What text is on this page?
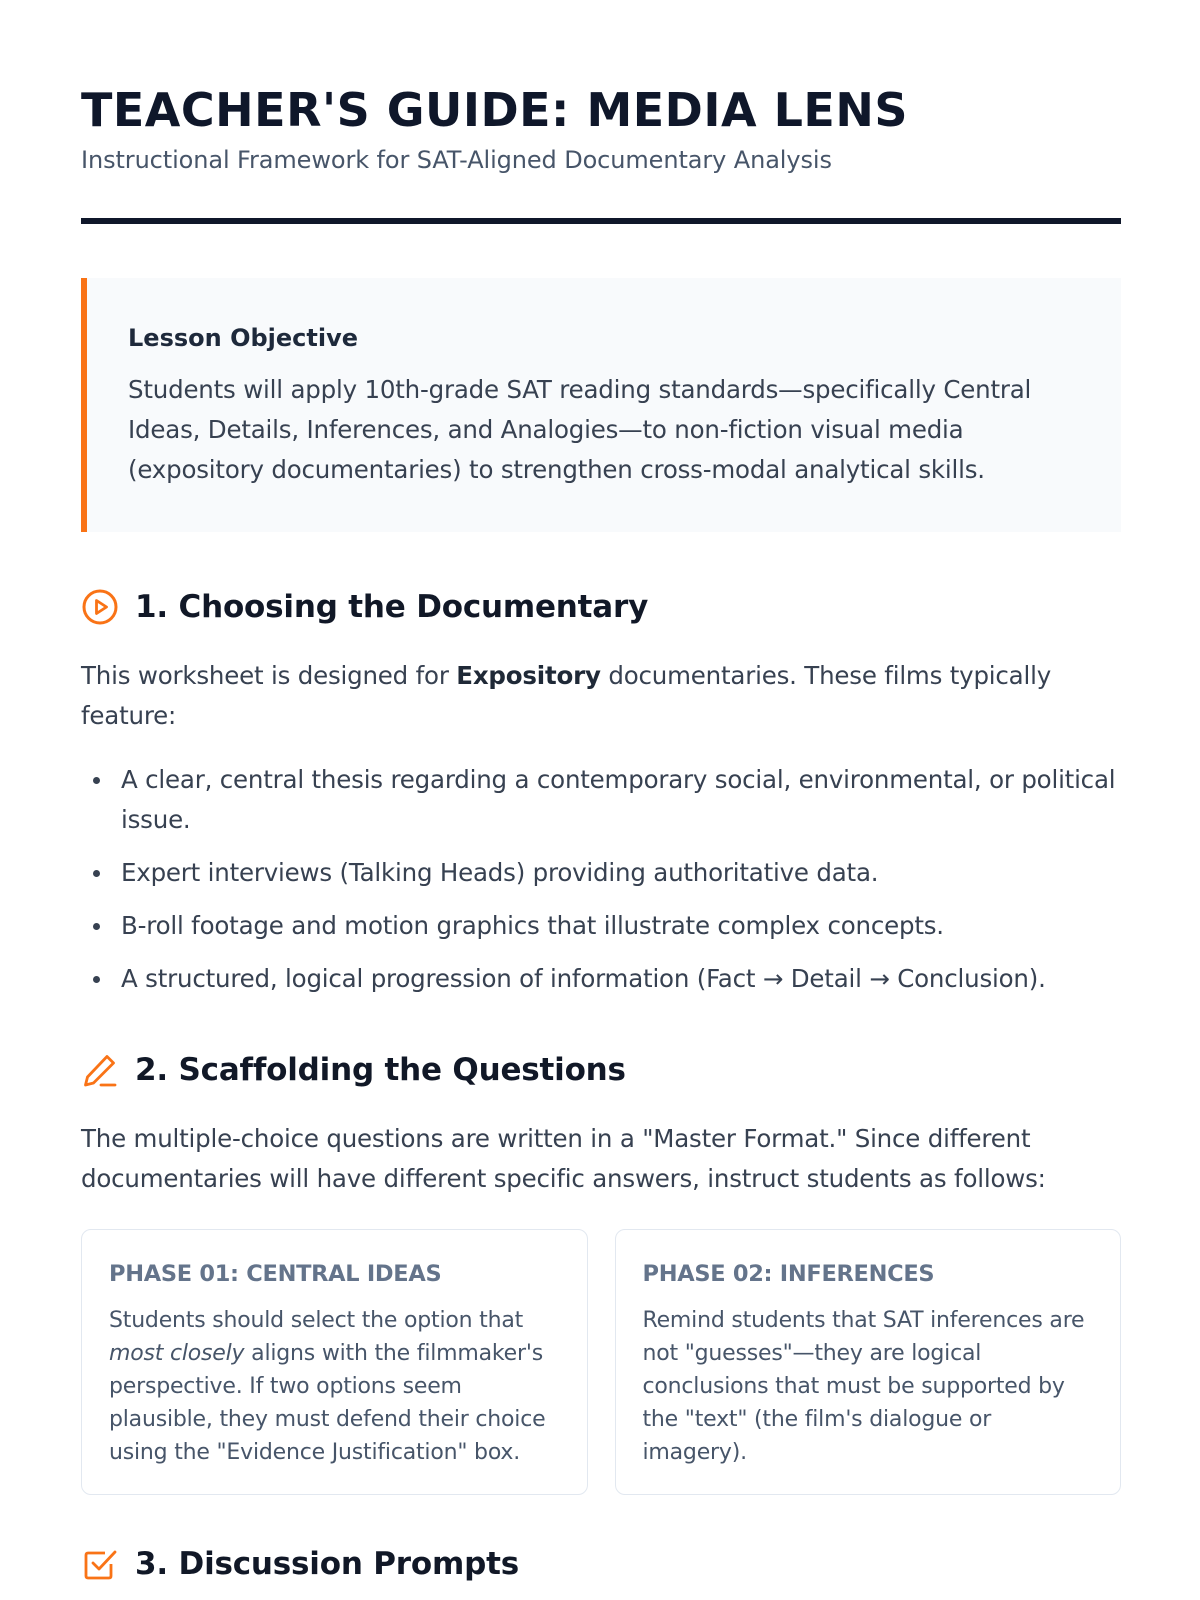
TEACHER'S GUIDE: MEDIA LENS

Instructional Framework for SAT-Aligned Documentary Analysis

Lesson Objective

Students will apply 10th-grade SAT reading standards—specifically Central Ideas, Details, Inferences, and Analogies—to non-fiction visual media (expository documentaries) to strengthen cross-modal analytical skills.

1. Choosing the Documentary

This worksheet is designed for Expository documentaries. These films typically feature:

A clear, central thesis regarding a contemporary social, environmental, or political issue.
Expert interviews (Talking Heads) providing authoritative data.
B-roll footage and motion graphics that illustrate complex concepts.
A structured, logical progression of information (Fact → Detail → Conclusion).
2. Scaffolding the Questions

The multiple-choice questions are written in a "Master Format." Since different documentaries will have different specific answers, instruct students as follows:

PHASE 01: CENTRAL IDEAS

Students should select the option that most closely aligns with the filmmaker's perspective. If two options seem plausible, they must defend their choice using the "Evidence Justification" box.

PHASE 02: INFERENCES

Remind students that SAT inferences are not "guesses"—they are logical conclusions that must be supported by the "text" (the film's dialogue or imagery).

3. Discussion Prompts
